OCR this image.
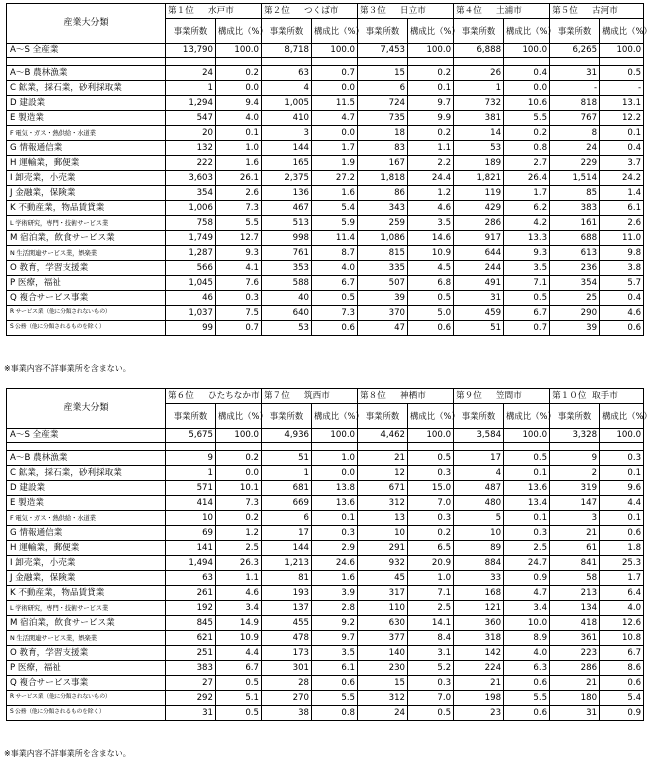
産業大分類	第１位 水戸市		第２位 つくば市		第３位 日立市		第４位 土浦市		第５位 古河市	
	事業所数	構成比（%）	事業所数	構成比（%）	事業所数	構成比（%）	事業所数	構成比（%）	事業所数	構成比（%）
A～S 全産業	13,790	100.0	8,718	100.0	7,453	100.0	6,888	100.0	6,265	100.0

A～B 農林漁業	24	0.2	63	0.7	15	0.2	26	0.4	31	0.5
C 鉱業，採石業，砂利採取業	1	0.0	4	0.0	6	0.1	1	0.0	-	-
D 建設業	1,294	9.4	1,005	11.5	724	9.7	732	10.6	818	13.1
E 製造業	547	4.0	410	4.7	735	9.9	381	5.5	767	12.2
F 電気・ガス・熱供給・水道業	20	0.1	3	0.0	18	0.2	14	0.2	8	0.1
G 情報通信業	132	1.0	144	1.7	83	1.1	53	0.8	24	0.4
H 運輸業，郵便業	222	1.6	165	1.9	167	2.2	189	2.7	229	3.7
I 卸売業，小売業	3,603	26.1	2,375	27.2	1,818	24.4	1,821	26.4	1,514	24.2
J 金融業，保険業	354	2.6	136	1.6	86	1.2	119	1.7	85	1.4
K 不動産業，物品賃貸業	1,006	7.3	467	5.4	343	4.6	429	6.2	383	6.1
L 学術研究，専門・技術サービス業	758	5.5	513	5.9	259	3.5	286	4.2	161	2.6
M 宿泊業，飲食サービス業	1,749	12.7	998	11.4	1,086	14.6	917	13.3	688	11.0
N 生活関連サービス業，娯楽業	1,287	9.3	761	8.7	815	10.9	644	9.3	613	9.8
O 教育，学習支援業	566	4.1	353	4.0	335	4.5	244	3.5	236	3.8
P 医療，福祉	1,045	7.6	588	6.7	507	6.8	491	7.1	354	5.7
Q 複合サービス事業	46	0.3	40	0.5	39	0.5	31	0.5	25	0.4
R サービス業（他に分類されないもの）	1,037	7.5	640	7.3	370	5.0	459	6.7	290	4.6
S 公務（他に分類されるものを除く）	99	0.7	53	0.6	47	0.6	51	0.7	39	0.6
※事業内容不詳事業所を含まない。
産業大分類	第６位 ひたちなか市		第７位 筑西市		第８位 神栖市		第９位 笠間市		第１０位 取手市	
	事業所数	構成比（%）	事業所数	構成比（%）	事業所数	構成比（%）	事業所数	構成比（%）	事業所数	構成比（%）
A～S 全産業	5,675	100.0	4,936	100.0	4,462	100.0	3,584	100.0	3,328	100.0

A～B 農林漁業	9	0.2	51	1.0	21	0.5	17	0.5	9	0.3
C 鉱業，採石業，砂利採取業	1	0.0	1	0.0	12	0.3	4	0.1	2	0.1
D 建設業	571	10.1	681	13.8	671	15.0	487	13.6	319	9.6
E 製造業	414	7.3	669	13.6	312	7.0	480	13.4	147	4.4
F 電気・ガス・熱供給・水道業	10	0.2	6	0.1	13	0.3	5	0.1	3	0.1
G 情報通信業	69	1.2	17	0.3	10	0.2	10	0.3	21	0.6
H 運輸業，郵便業	141	2.5	144	2.9	291	6.5	89	2.5	61	1.8
I 卸売業，小売業	1,494	26.3	1,213	24.6	932	20.9	884	24.7	841	25.3
J 金融業，保険業	63	1.1	81	1.6	45	1.0	33	0.9	58	1.7
K 不動産業，物品賃貸業	261	4.6	193	3.9	317	7.1	168	4.7	213	6.4
L 学術研究，専門・技術サービス業	192	3.4	137	2.8	110	2.5	121	3.4	134	4.0
M 宿泊業，飲食サービス業	845	14.9	455	9.2	630	14.1	360	10.0	418	12.6
N 生活関連サービス業，娯楽業	621	10.9	478	9.7	377	8.4	318	8.9	361	10.8
O 教育，学習支援業	251	4.4	173	3.5	140	3.1	142	4.0	223	6.7
P 医療，福祉	383	6.7	301	6.1	230	5.2	224	6.3	286	8.6
Q 複合サービス事業	27	0.5	28	0.6	15	0.3	21	0.6	21	0.6
R サービス業（他に分類されないもの）	292	5.1	270	5.5	312	7.0	198	5.5	180	5.4
S 公務（他に分類されるものを除く）	31	0.5	38	0.8	24	0.5	23	0.6	31	0.9
※事業内容不詳事業所を含まない。
